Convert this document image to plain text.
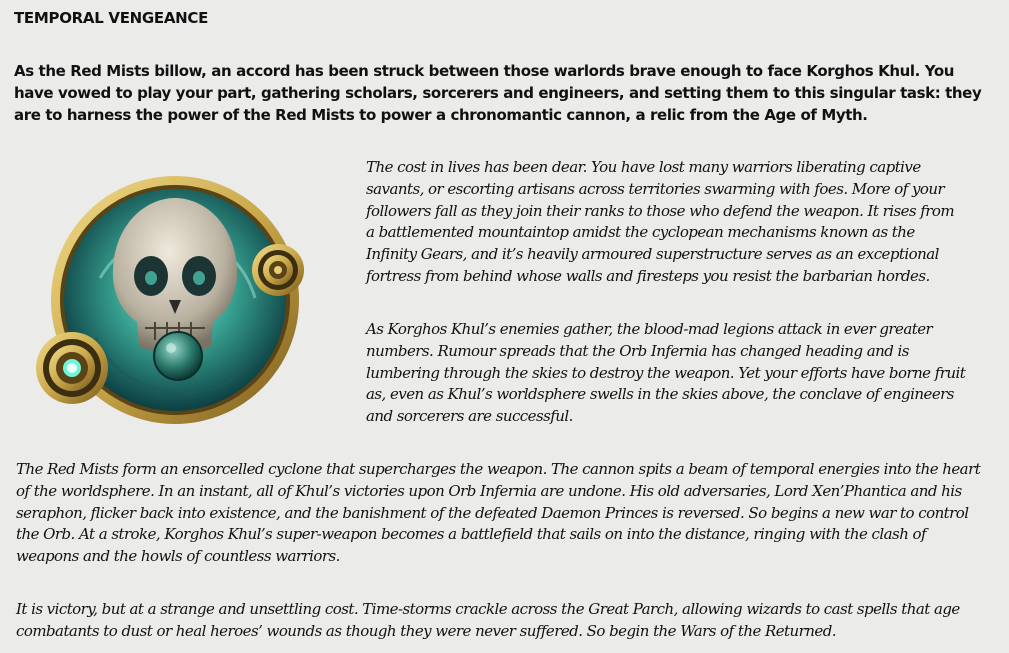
TEMPORAL VENGEANCE

As the Red Mists billow, an accord has been struck between those warlords brave enough to face Korghos Khul. You have vowed to play your part, gathering scholars, sorcerers and engineers, and setting them to this singular task: they are to harness the power of the Red Mists to power a chronomantic cannon, a relic from the Age of Myth.

The cost in lives has been dear. You have lost many warriors liberating captive savants, or escorting artisans across territories swarming with foes. More of your followers fall as they join their ranks to those who defend the weapon. It rises from a battlemented mountaintop amidst the cyclopean mechanisms known as the Infinity Gears, and it’s heavily armoured superstructure serves as an exceptional fortress from behind whose walls and firesteps you resist the barbarian hordes.

As Korghos Khul’s enemies gather, the blood-mad legions attack in ever greater numbers. Rumour spreads that the Orb Infernia has changed heading and is lumbering through the skies to destroy the weapon. Yet your efforts have borne fruit as, even as Khul’s worldsphere swells in the skies above, the conclave of engineers and sorcerers are successful.

The Red Mists form an ensorcelled cyclone that supercharges the weapon. The cannon spits a beam of temporal energies into the heart of the worldsphere. In an instant, all of Khul’s victories upon Orb Infernia are undone. His old adversaries, Lord Xen’Phantica and his seraphon, flicker back into existence, and the banishment of the defeated Daemon Princes is reversed. So begins a new war to control the Orb. At a stroke, Korghos Khul’s super-weapon becomes a battlefield that sails on into the distance, ringing with the clash of weapons and the howls of countless warriors.

It is victory, but at a strange and unsettling cost. Time-storms crackle across the Great Parch, allowing wizards to cast spells that age combatants to dust or heal heroes’ wounds as though they were never suffered. So begin the Wars of the Returned.
